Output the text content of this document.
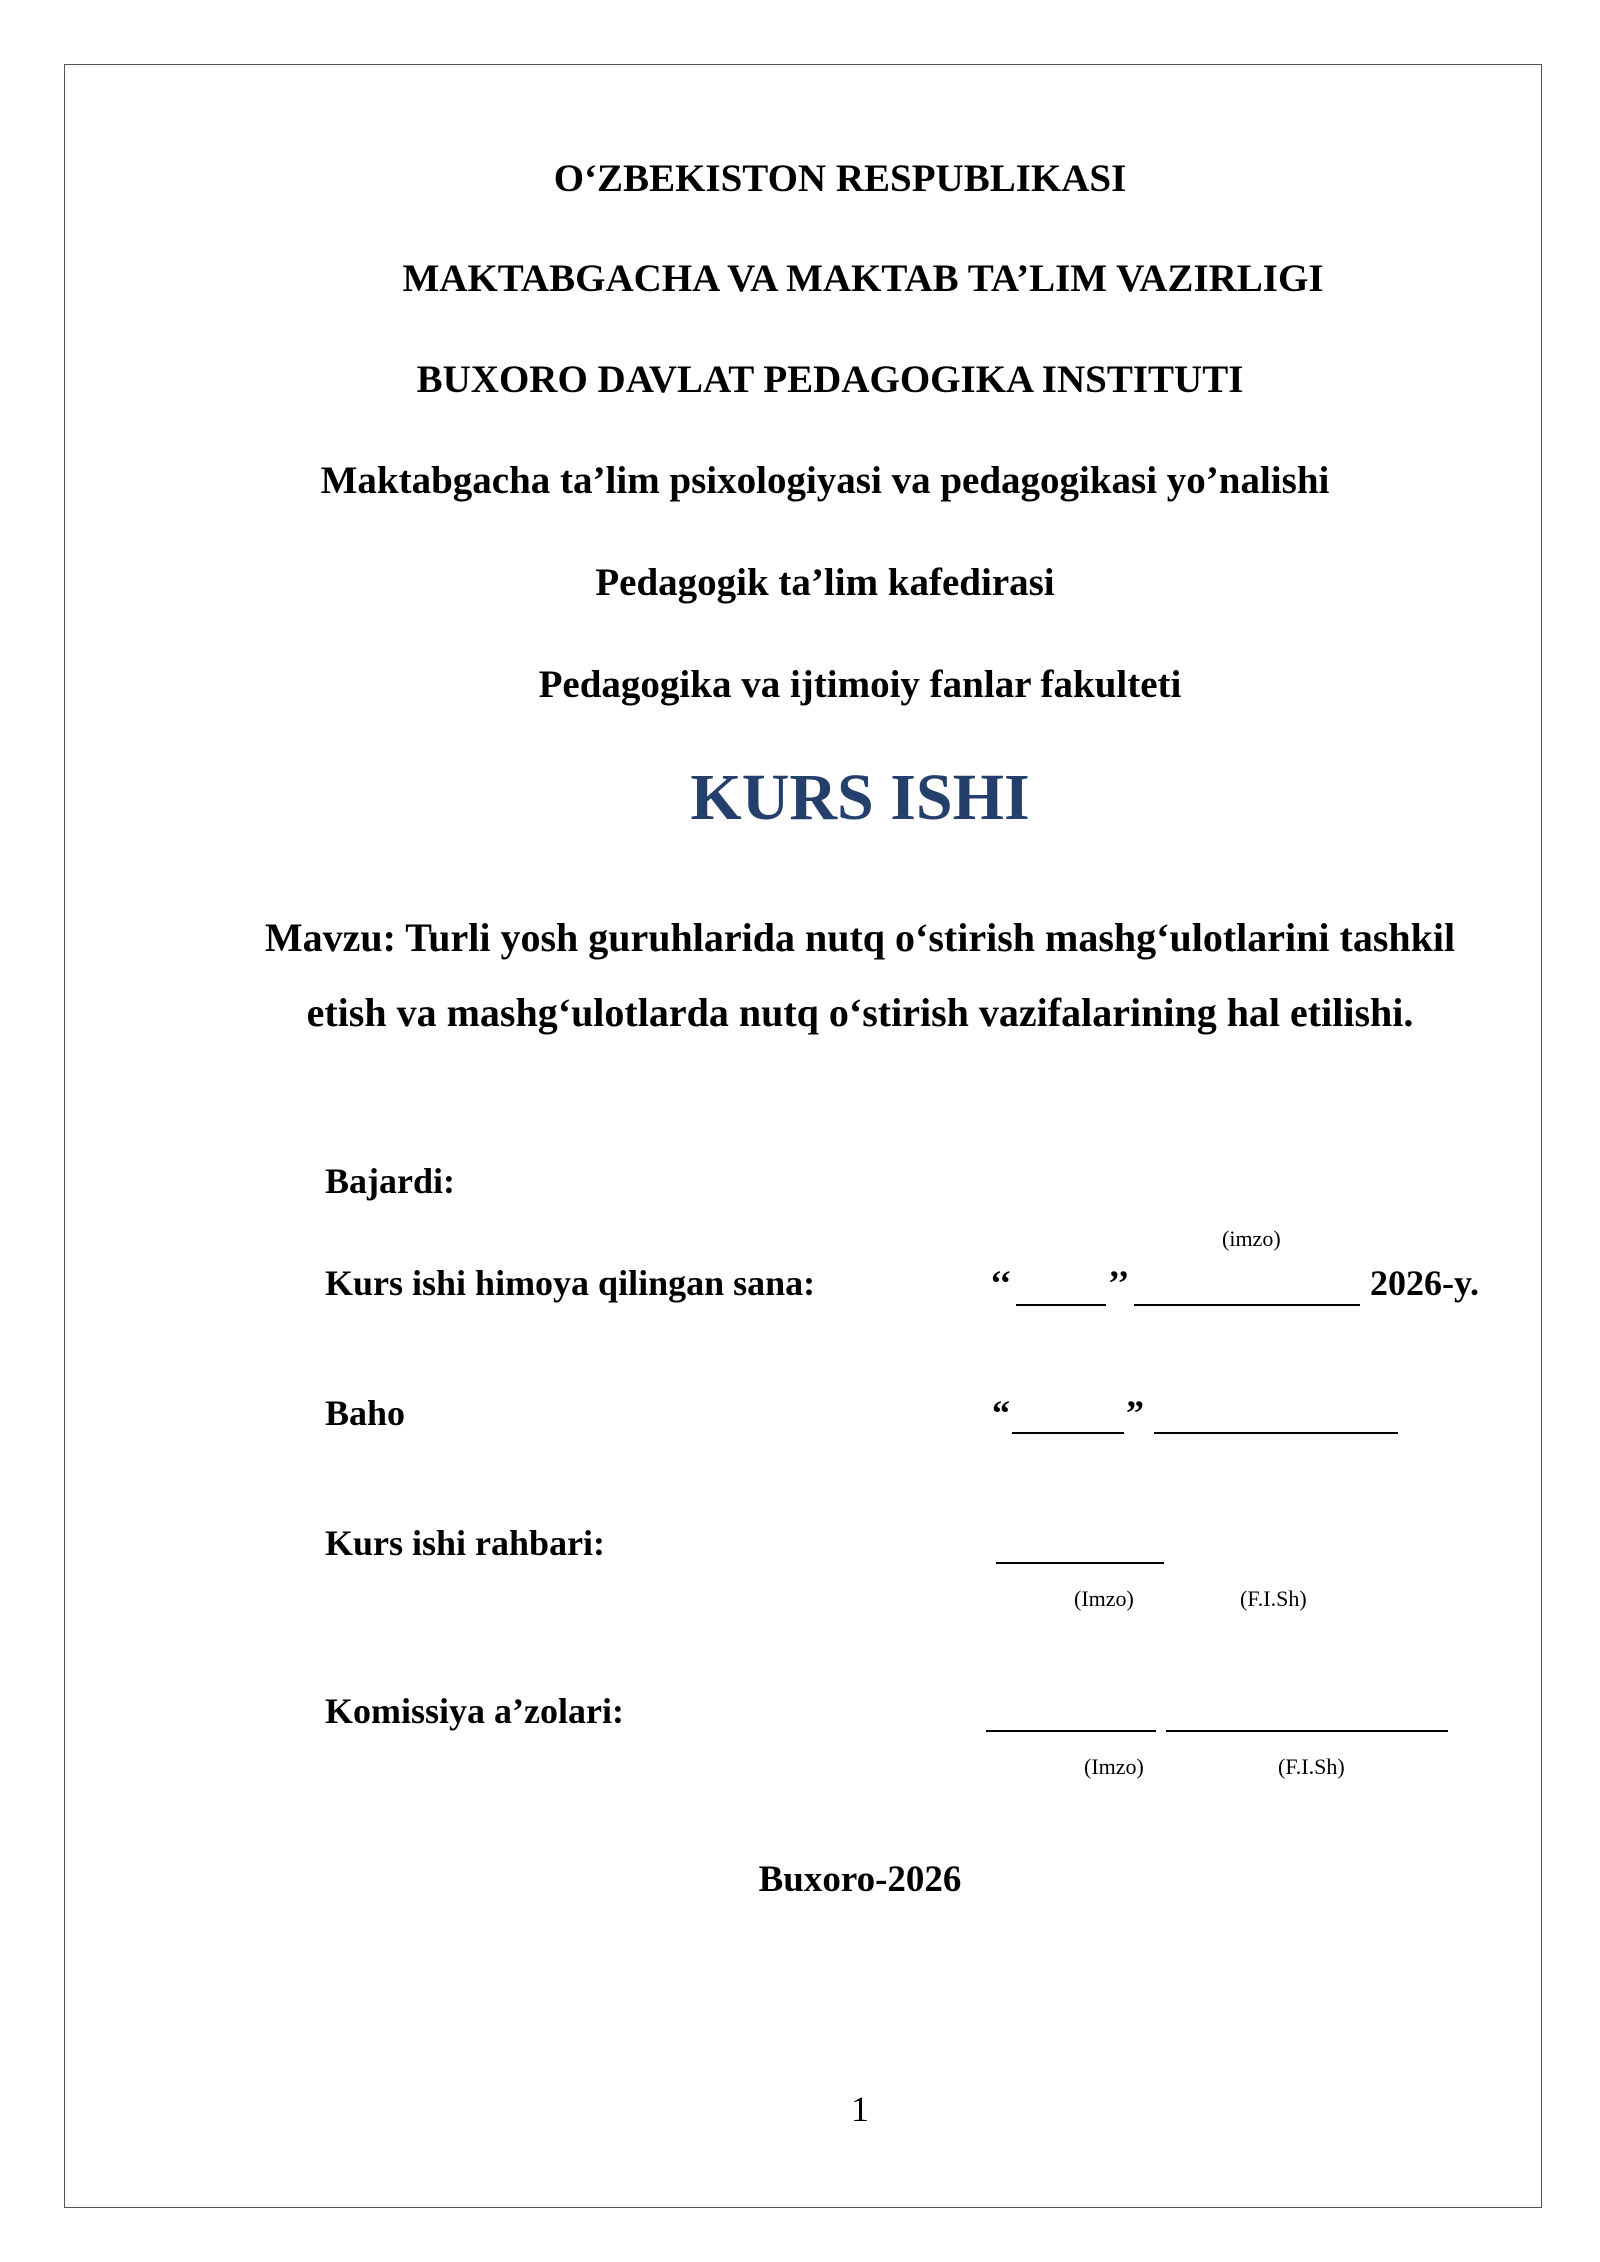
O‘ZBEKISTON RESPUBLIKASI
MAKTABGACHA VA MAKTAB TA’LIM VAZIRLIGI
BUXORO DAVLAT PEDAGOGIKA INSTITUTI
Maktabgacha ta’lim psixologiyasi va pedagogikasi yo’nalishi
Pedagogik ta’lim kafedirasi
Pedagogika va ijtimoiy fanlar fakulteti
KURS ISHI
Mavzu: Turli yosh guruhlarida nutq o‘stirish mashg‘ulotlarini tashkil etish va mashg‘ulotlarda nutq o‘stirish vazifalarining hal etilishi.
Bajardi:
(imzo)
Kurs ishi himoya qilingan sana:	‘‘	’’	2026-y.
Baho	“	”
Kurs ishi rahbari:
(Imzo)	(F.I.Sh)
Komissiya a’zolari:
(Imzo)	(F.I.Sh)
Buxoro-2026
1
